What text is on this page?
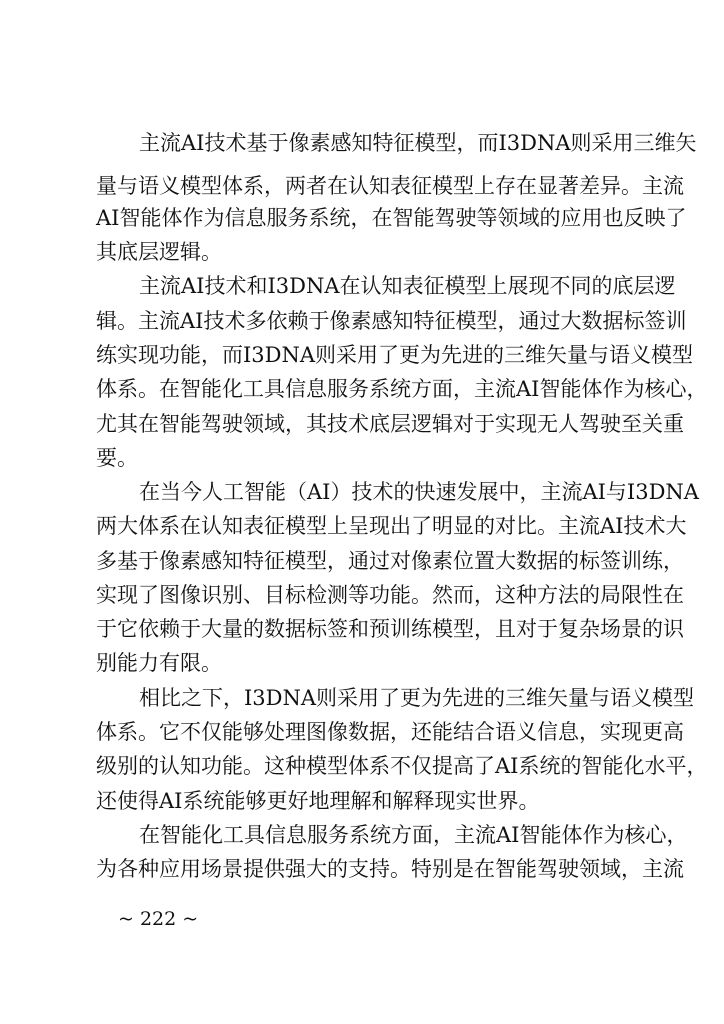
主流AI技术基于像素感知特征模型，而I3DNA则采用三维矢
量与语义模型体系，两者在认知表征模型上存在显著差异。主流
AI智能体作为信息服务系统，在智能驾驶等领域的应用也反映了
其底层逻辑。
主流AI技术和I3DNA在认知表征模型上展现不同的底层逻
辑。主流AI技术多依赖于像素感知特征模型，通过大数据标签训
练实现功能，而I3DNA则采用了更为先进的三维矢量与语义模型
体系。在智能化工具信息服务系统方面，主流AI智能体作为核心，
尤其在智能驾驶领域，其技术底层逻辑对于实现无人驾驶至关重
要。
在当今人工智能（AI）技术的快速发展中，主流AI与I3DNA
两大体系在认知表征模型上呈现出了明显的对比。主流AI技术大
多基于像素感知特征模型，通过对像素位置大数据的标签训练，
实现了图像识别、目标检测等功能。然而，这种方法的局限性在
于它依赖于大量的数据标签和预训练模型，且对于复杂场景的识
别能力有限。
相比之下，I3DNA则采用了更为先进的三维矢量与语义模型
体系。它不仅能够处理图像数据，还能结合语义信息，实现更高
级别的认知功能。这种模型体系不仅提高了AI系统的智能化水平，
还使得AI系统能够更好地理解和解释现实世界。
在智能化工具信息服务系统方面，主流AI智能体作为核心，
为各种应用场景提供强大的支持。特别是在智能驾驶领域，主流
~ 222 ~
